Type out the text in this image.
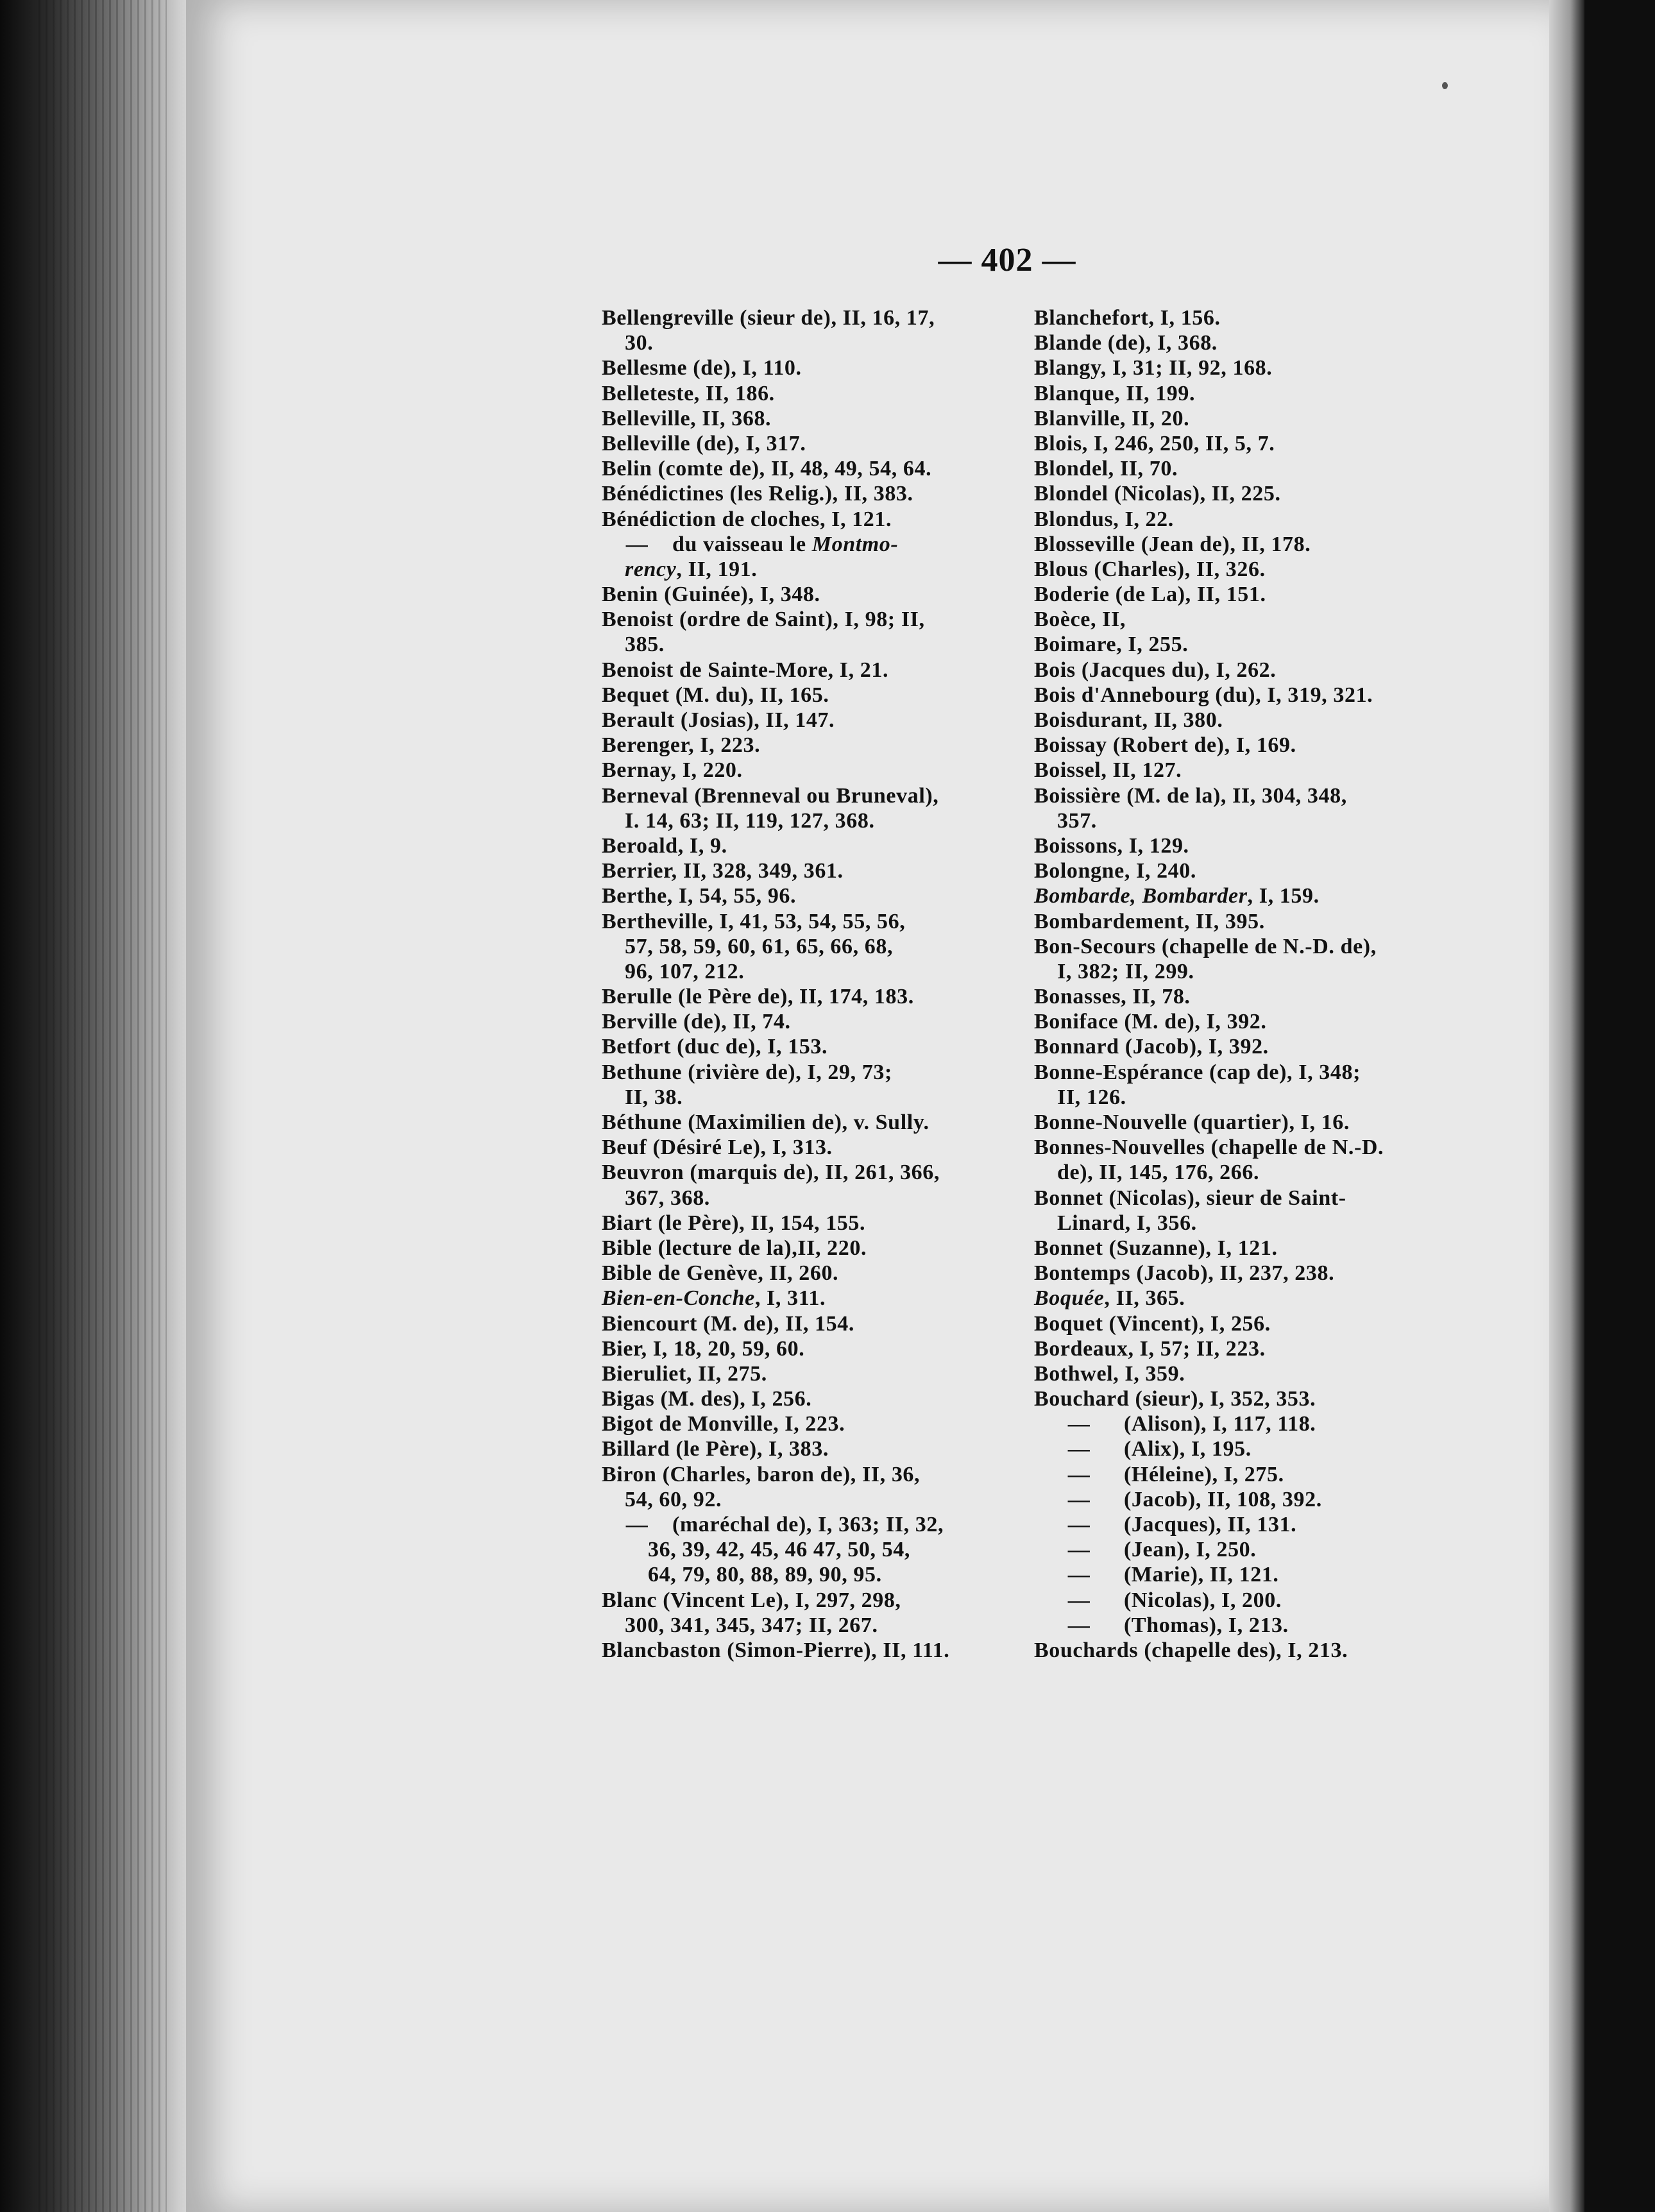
— 402 —
Bellengreville (sieur de), II, 16, 17,
30.
Bellesme (de), I, 110.
Belleteste, II, 186.
Belleville, II, 368.
Belleville (de), I, 317.
Belin (comte de), II, 48, 49, 54, 64.
Bénédictines (les Relig.), II, 383.
Bénédiction de cloches, I, 121.
— du vaisseau le Montmo-
rency, II, 191.
Benin (Guinée), I, 348.
Benoist (ordre de Saint), I, 98; II,
385.
Benoist de Sainte-More, I, 21.
Bequet (M. du), II, 165.
Berault (Josias), II, 147.
Berenger, I, 223.
Bernay, I, 220.
Berneval (Brenneval ou Bruneval),
I. 14, 63; II, 119, 127, 368.
Beroald, I, 9.
Berrier, II, 328, 349, 361.
Berthe, I, 54, 55, 96.
Bertheville, I, 41, 53, 54, 55, 56,
57, 58, 59, 60, 61, 65, 66, 68,
96, 107, 212.
Berulle (le Père de), II, 174, 183.
Berville (de), II, 74.
Betfort (duc de), I, 153.
Bethune (rivière de), I, 29, 73;
II, 38.
Béthune (Maximilien de), v. Sully.
Beuf (Désiré Le), I, 313.
Beuvron (marquis de), II, 261, 366,
367, 368.
Biart (le Père), II, 154, 155.
Bible (lecture de la),II, 220.
Bible de Genève, II, 260.
Bien-en-Conche, I, 311.
Biencourt (M. de), II, 154.
Bier, I, 18, 20, 59, 60.
Bieruliet, II, 275.
Bigas (M. des), I, 256.
Bigot de Monville, I, 223.
Billard (le Père), I, 383.
Biron (Charles, baron de), II, 36,
54, 60, 92.
— (maréchal de), I, 363; II, 32,
36, 39, 42, 45, 46 47, 50, 54,
64, 79, 80, 88, 89, 90, 95.
Blanc (Vincent Le), I, 297, 298,
300, 341, 345, 347; II, 267.
Blancbaston (Simon-Pierre), II, 111.
Blanchefort, I, 156.
Blande (de), I, 368.
Blangy, I, 31; II, 92, 168.
Blanque, II, 199.
Blanville, II, 20.
Blois, I, 246, 250, II, 5, 7.
Blondel, II, 70.
Blondel (Nicolas), II, 225.
Blondus, I, 22.
Blosseville (Jean de), II, 178.
Blous (Charles), II, 326.
Boderie (de La), II, 151.
Boèce, II,
Boimare, I, 255.
Bois (Jacques du), I, 262.
Bois d'Annebourg (du), I, 319, 321.
Boisdurant, II, 380.
Boissay (Robert de), I, 169.
Boissel, II, 127.
Boissière (M. de la), II, 304, 348,
357.
Boissons, I, 129.
Bolongne, I, 240.
Bombarde, Bombarder, I, 159.
Bombardement, II, 395.
Bon-Secours (chapelle de N.-D. de),
I, 382; II, 299.
Bonasses, II, 78.
Boniface (M. de), I, 392.
Bonnard (Jacob), I, 392.
Bonne-Espérance (cap de), I, 348;
II, 126.
Bonne-Nouvelle (quartier), I, 16.
Bonnes-Nouvelles (chapelle de N.-D.
de), II, 145, 176, 266.
Bonnet (Nicolas), sieur de Saint-
Linard, I, 356.
Bonnet (Suzanne), I, 121.
Bontemps (Jacob), II, 237, 238.
Boquée, II, 365.
Boquet (Vincent), I, 256.
Bordeaux, I, 57; II, 223.
Bothwel, I, 359.
Bouchard (sieur), I, 352, 353.
— (Alison), I, 117, 118.
— (Alix), I, 195.
— (Héleine), I, 275.
— (Jacob), II, 108, 392.
— (Jacques), II, 131.
— (Jean), I, 250.
— (Marie), II, 121.
— (Nicolas), I, 200.
— (Thomas), I, 213.
Bouchards (chapelle des), I, 213.
